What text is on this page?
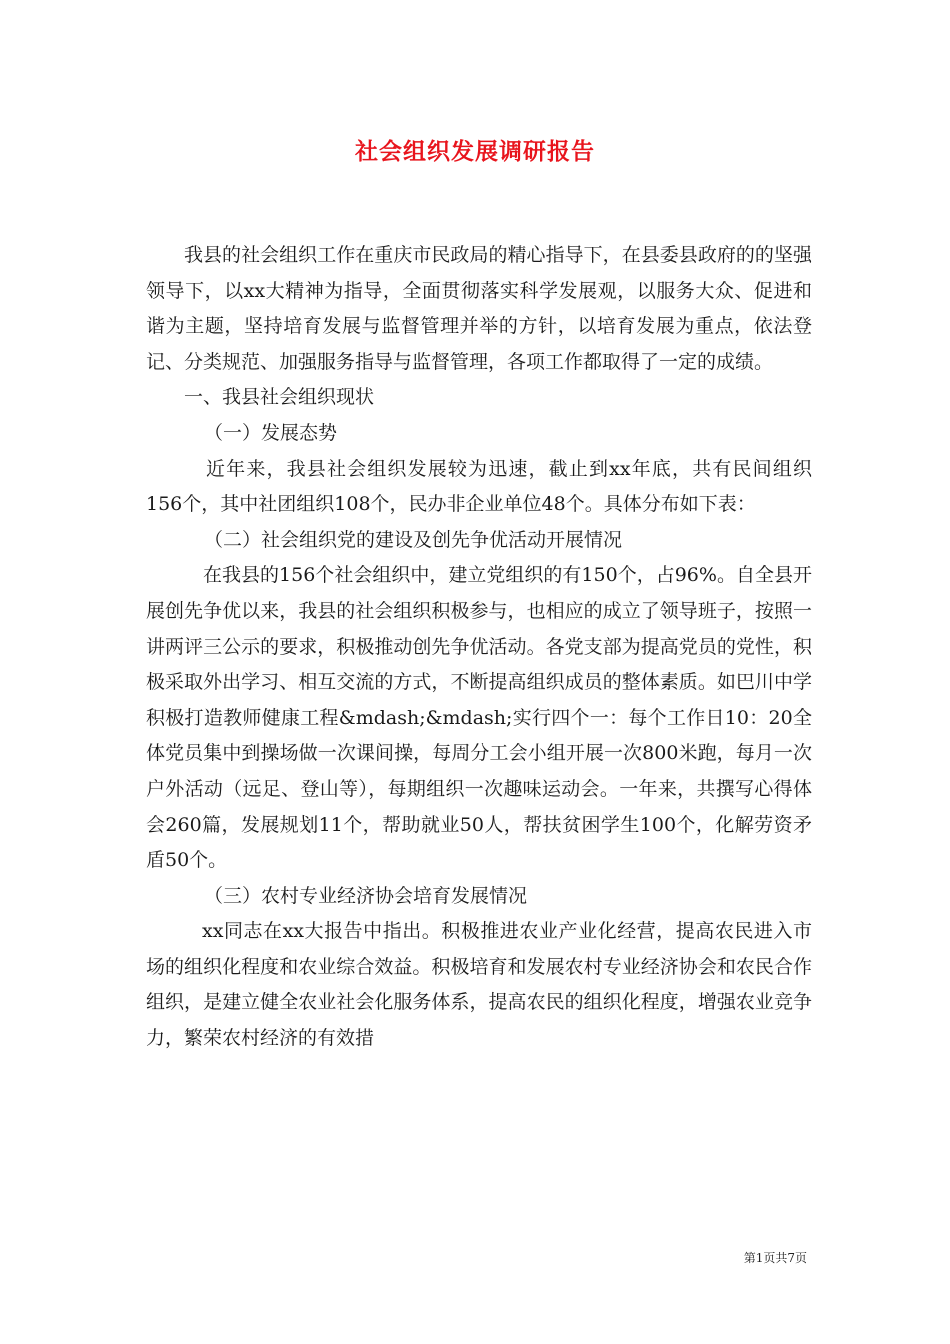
社会组织发展调研报告

我县的社会组织工作在重庆市民政局的精心指导下，在县委县政府的的坚强领导下，以xx大精神为指导，全面贯彻落实科学发展观，以服务大众、促进和谐为主题，坚持培育发展与监督管理并举的方针，以培育发展为重点，依法登记、分类规范、加强服务指导与监督管理，各项工作都取得了一定的成绩。

一、我县社会组织现状

（一）发展态势

近年来，我县社会组织发展较为迅速，截止到xx年底，共有民间组织156个，其中社团组织108个，民办非企业单位48个。具体分布如下表：

（二）社会组织党的建设及创先争优活动开展情况

在我县的156个社会组织中，建立党组织的有150个，占96%。自全县开展创先争优以来，我县的社会组织积极参与，也相应的成立了领导班子，按照一讲两评三公示的要求，积极推动创先争优活动。各党支部为提高党员的党性，积极采取外出学习、相互交流的方式，不断提高组织成员的整体素质。如巴川中学积极打造教师健康工程&mdash;&mdash;实行四个一：每个工作日10：20全体党员集中到操场做一次课间操，每周分工会小组开展一次800米跑，每月一次户外活动（远足、登山等），每期组织一次趣味运动会。一年来，共撰写心得体会260篇，发展规划11个，帮助就业50人，帮扶贫困学生100个，化解劳资矛盾50个。

（三）农村专业经济协会培育发展情况

xx同志在xx大报告中指出。积极推进农业产业化经营，提高农民进入市场的组织化程度和农业综合效益。积极培育和发展农村专业经济协会和农民合作组织，是建立健全农业社会化服务体系，提高农民的组织化程度，增强农业竞争力，繁荣农村经济的有效措

第1页共7页
